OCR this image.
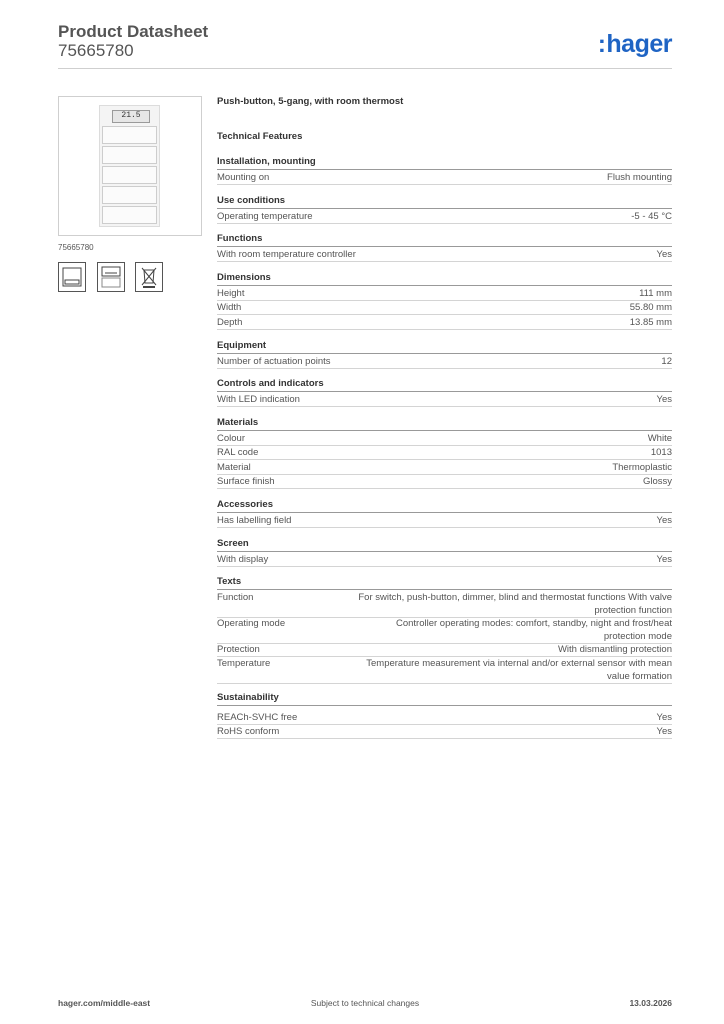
Product Datasheet
75665780	:hager
21.5
75665780
Push-button, 5-gang, with room thermost
Technical Features
Installation, mounting
Mounting on	Flush mounting
Use conditions
Operating temperature	-5 - 45 °C
Functions
With room temperature controller	Yes
Dimensions
Height	111 mm
Width	55.80 mm
Depth	13.85 mm
Equipment
Number of actuation points	12
Controls and indicators
With LED indication	Yes
Materials
Colour	White
RAL code	1013
Material	Thermoplastic
Surface finish	Glossy
Accessories
Has labelling field	Yes
Screen
With display	Yes
Texts
Function	For switch, push-button, dimmer, blind and thermostat functions With valve protection function
Operating mode	Controller operating modes: comfort, standby, night and frost/heat protection mode
Protection	With dismantling protection
Temperature	Temperature measurement via internal and/or external sensor with mean value formation
Sustainability
REACh-SVHC free	Yes
RoHS conform	Yes
hager.com/middle-east	Subject to technical changes	13.03.2026
